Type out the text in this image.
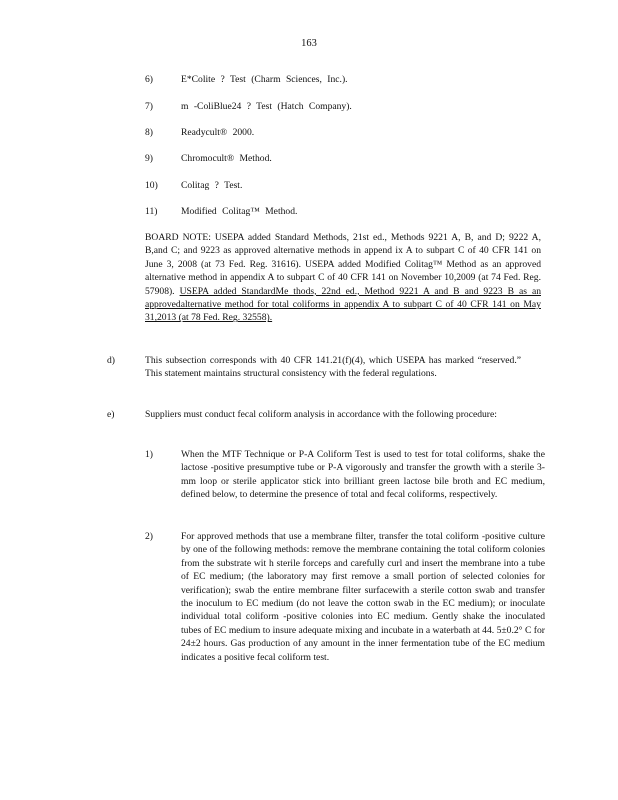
163
6)	E*Colite ? Test (Charm Sciences, Inc.).
7)	m -ColiBlue24 ? Test (Hatch Company).
8)	Readycult® 2000.
9)	Chromocult® Method.
10) Colitag ? Test.
11) Modified Colitag™ Method.
BOARD NOTE: USEPA added Standard Methods, 21st ed., Methods 9221 A, B, and D; 9222 A, B,and C; and 9223 as approved alternative methods in append ix A to subpart C of 40 CFR 141 on June 3, 2008 (at 73 Fed. Reg. 31616). USEPA added Modified Colitag™ Method as an approved alternative method in appendix A to subpart C of 40 CFR 141 on November 10,2009 (at 74 Fed. Reg. 57908). USEPA added StandardMe thods, 22nd ed., Method 9221 A and B and 9223 B as an approvedalternative method for total coliforms in appendix A to subpart C of 40 CFR 141 on May 31,2013 (at 78 Fed. Reg. 32558).
d)	This subsection corresponds with 40 CFR 141.21(f)(4), which USEPA has marked “reserved.” This statement maintains structural consistency with the federal regulations.
e)	Suppliers must conduct fecal coliform analysis in accordance with the following procedure:
1)	When the MTF Technique or P-A Coliform Test is used to test for total coliforms, shake the lactose -positive presumptive tube or P-A vigorously and transfer the growth with a sterile 3-mm loop or sterile applicator stick into brilliant green lactose bile broth and EC medium, defined below, to determine the presence of total and fecal coliforms, respectively.
2)	For approved methods that use a membrane filter, transfer the total coliform -positive culture by one of the following methods: remove the membrane containing the total coliform colonies from the substrate wit h sterile forceps and carefully curl and insert the membrane into a tube of EC medium; (the laboratory may first remove a small portion of selected colonies for verification); swab the entire membrane filter surfacewith a sterile cotton swab and transfer the inoculum to EC medium (do not leave the cotton swab in the EC medium); or inoculate individual total coliform -positive colonies into EC medium. Gently shake the inoculated tubes of EC medium to insure adequate mixing and incubate in a waterbath at 44. 5±0.2° C for 24±2 hours. Gas production of any amount in the inner fermentation tube of the EC medium indicates a positive fecal coliform test.
